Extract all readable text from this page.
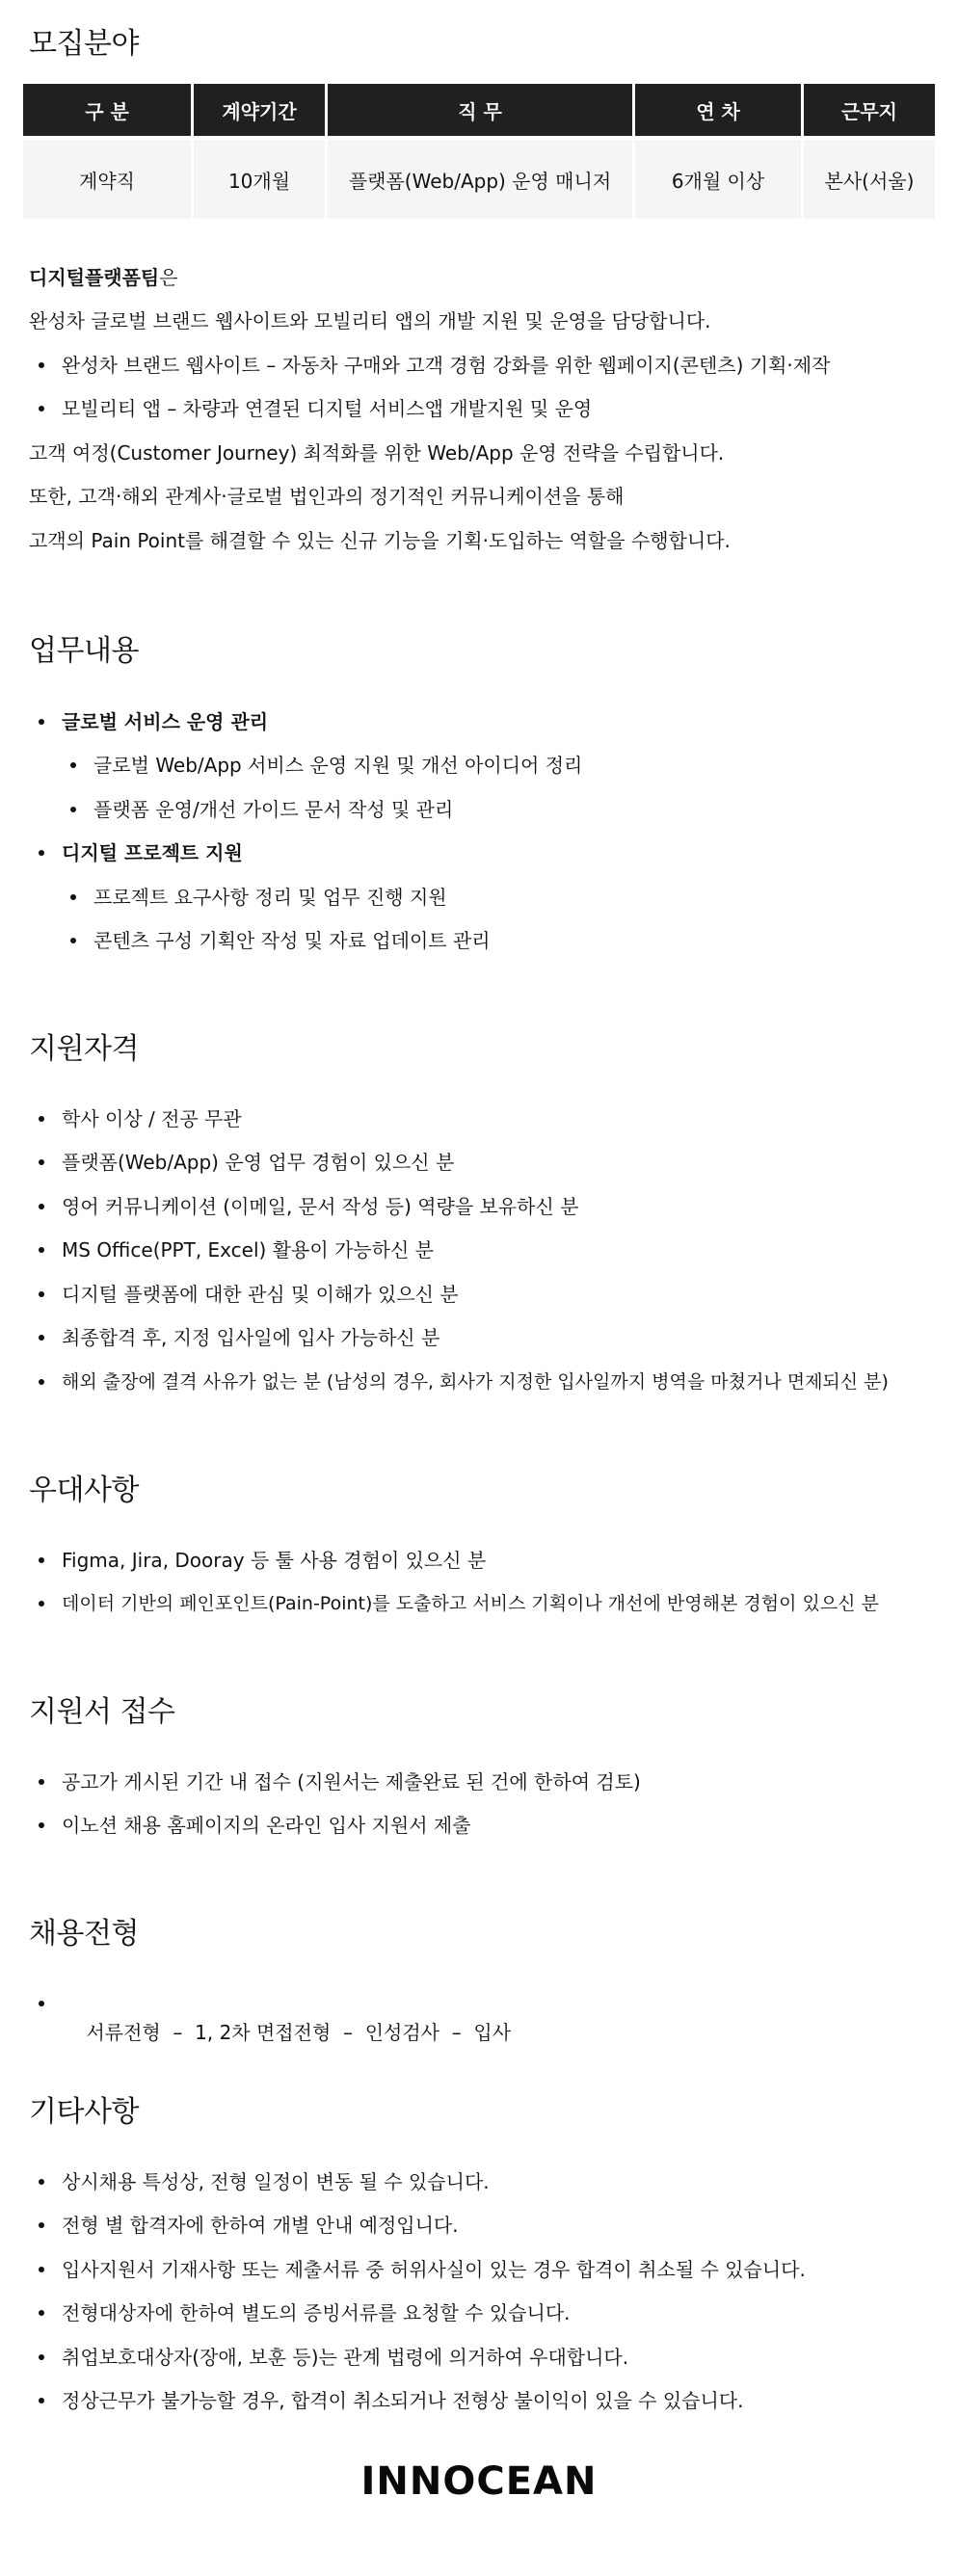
모집분야
구 분	계약기간	직 무	연 차	근무지
계약직	10개월	플랫폼(Web/App) 운영 매니저	6개월 이상	본사(서울)
디지털플랫폼팀은
완성차 글로벌 브랜드 웹사이트와 모빌리티 앱의 개발 지원 및 운영을 담당합니다.
완성차 브랜드 웹사이트 – 자동차 구매와 고객 경험 강화를 위한 웹페이지(콘텐츠) 기획·제작
모빌리티 앱 – 차량과 연결된 디지털 서비스앱 개발지원 및 운영
고객 여정(Customer Journey) 최적화를 위한 Web/App 운영 전략을 수립합니다.
또한, 고객·해외 관계사·글로벌 법인과의 정기적인 커뮤니케이션을 통해
고객의 Pain Point를 해결할 수 있는 신규 기능을 기획·도입하는 역할을 수행합니다.
업무내용
글로벌 서비스 운영 관리
글로벌 Web/App 서비스 운영 지원 및 개선 아이디어 정리
플랫폼 운영/개선 가이드 문서 작성 및 관리
디지털 프로젝트 지원
프로젝트 요구사항 정리 및 업무 진행 지원
콘텐츠 구성 기획안 작성 및 자료 업데이트 관리
지원자격
학사 이상 / 전공 무관
플랫폼(Web/App) 운영 업무 경험이 있으신 분
영어 커뮤니케이션 (이메일, 문서 작성 등) 역량을 보유하신 분
MS Office(PPT, Excel) 활용이 가능하신 분
디지털 플랫폼에 대한 관심 및 이해가 있으신 분
최종합격 후, 지정 입사일에 입사 가능하신 분
해외 출장에 결격 사유가 없는 분 (남성의 경우, 회사가 지정한 입사일까지 병역을 마쳤거나 면제되신 분)
우대사항
Figma, Jira, Dooray 등 툴 사용 경험이 있으신 분
데이터 기반의 페인포인트(Pain-Point)를 도출하고 서비스 기획이나 개선에 반영해본 경험이 있으신 분
지원서 접수
공고가 게시된 기간 내 접수 (지원서는 제출완료 된 건에 한하여 검토)
이노션 채용 홈페이지의 온라인 입사 지원서 제출
채용전형

서류전형  –  1, 2차 면접전형  –  인성검사  –  입사

기타사항
상시채용 특성상, 전형 일정이 변동 될 수 있습니다.
전형 별 합격자에 한하여 개별 안내 예정입니다.
입사지원서 기재사항 또는 제출서류 중 허위사실이 있는 경우 합격이 취소될 수 있습니다.
전형대상자에 한하여 별도의 증빙서류를 요청할 수 있습니다.
취업보호대상자(장애, 보훈 등)는 관계 법령에 의거하여 우대합니다.
정상근무가 불가능할 경우, 합격이 취소되거나 전형상 불이익이 있을 수 있습니다.
INNOCEAN
